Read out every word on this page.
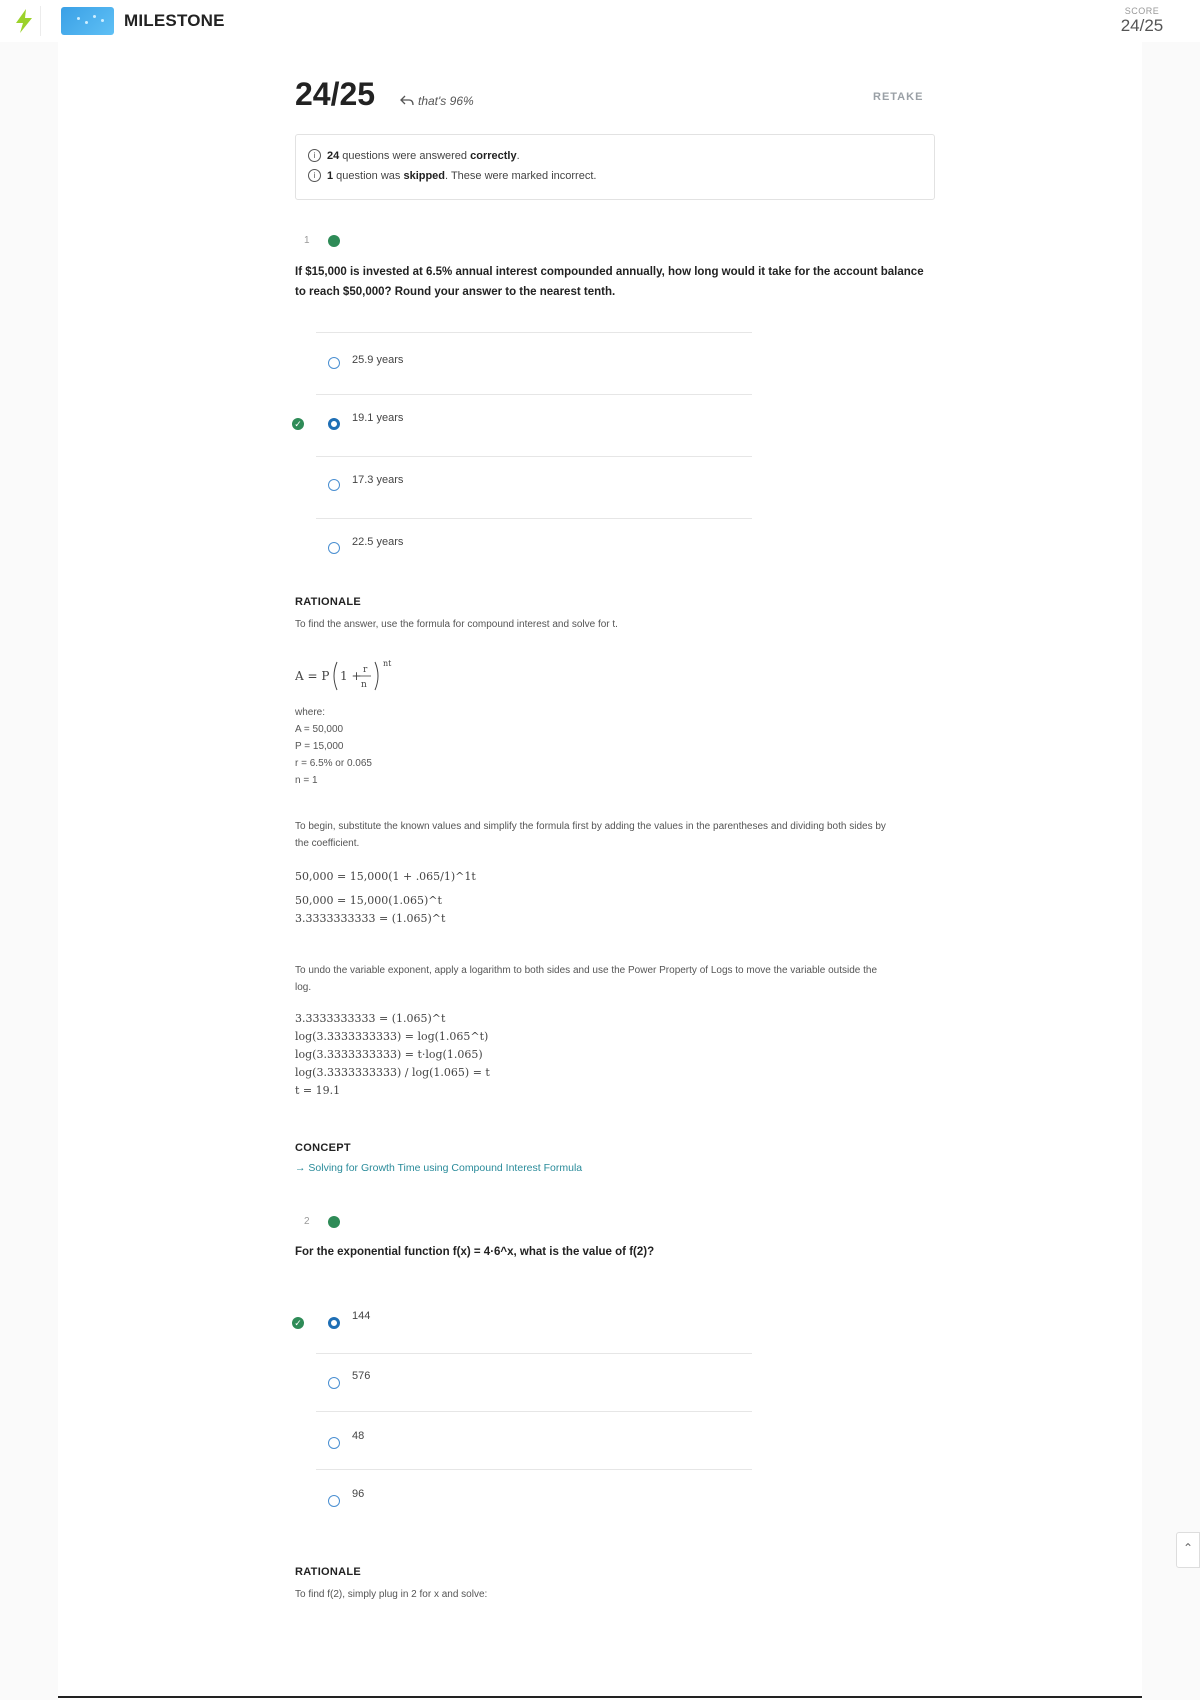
MILESTONE	SCORE
24/25
24/25	that's 96%	RETAKE
i	24 questions were answered correctly.
i	1 question was skipped. These were marked incorrect.
1
If $15,000 is invested at 6.5% annual interest compounded annually, how long would it take for the account balance to reach $50,000? Round your answer to the nearest tenth.
25.9 years
✓	19.1 years
17.3 years
22.5 years
RATIONALE
To find the answer, use the formula for compound interest and solve for t.
A = P 1 + r
n
nt
where:
A = 50,000
P = 15,000
r = 6.5% or 0.065
n = 1
To begin, substitute the known values and simplify the formula first by adding the values in the parentheses and dividing both sides by the coefficient.
50,000 = 15,000(1 + .065/1)^1t
50,000 = 15,000(1.065)^t
3.3333333333 = (1.065)^t
To undo the variable exponent, apply a logarithm to both sides and use the Power Property of Logs to move the variable outside the log.
3.3333333333 = (1.065)^t
log(3.3333333333) = log(1.065^t)
log(3.3333333333) = t·log(1.065)
log(3.3333333333) / log(1.065) = t
t = 19.1
CONCEPT
→ Solving for Growth Time using Compound Interest Formula
2
For the exponential function f(x) = 4·6^x, what is the value of f(2)?
✓
144
576
48
96
RATIONALE
To find f(2), simply plug in 2 for x and solve:
⌃
